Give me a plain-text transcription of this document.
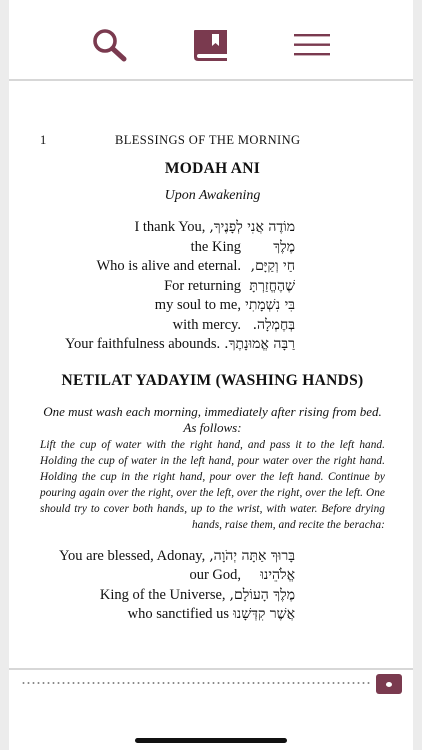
1	BLESSINGS OF THE MORNING
MODAH ANI
Upon Awakening
I thank You, מוֹדֶה אֲנִי לְפָנֶיךָ,
the King	מֶלֶךְ
Who is alive and eternal. חַי וְקַיָּם,
For returning שֶׁהֶחֱזַרְתָּ
my soul to me, בִּי נִשְׁמָתִי
with mercy. בְּחֶמְלָה.
Your faithfulness abounds. רַבָּה אֱמוּנָתֶךָ.
NETILAT YADAYIM (WASHING HANDS)
One must wash each morning, immediately after rising from bed. As follows:
Lift the cup of water with the right hand, and pass it to the left hand. Holding the cup of water in the left hand, pour water over the right hand. Holding the cup in the right hand, pour over the left hand. Continue by pouring again over the right, over the left, over the right, over the left. One should try to cover both hands, up to the wrist, with water. Before drying hands, raise them, and recite the beracha:
You are blessed, Adonay, בָּרוּךְ אַתָּה יְהֹוָה,
our God,	אֱלֹהֵינוּ
King of the Universe, מֶלֶךְ הָעוֹלָם,
who sanctified us אֲשֶׁר קִדְּשָׁנוּ
